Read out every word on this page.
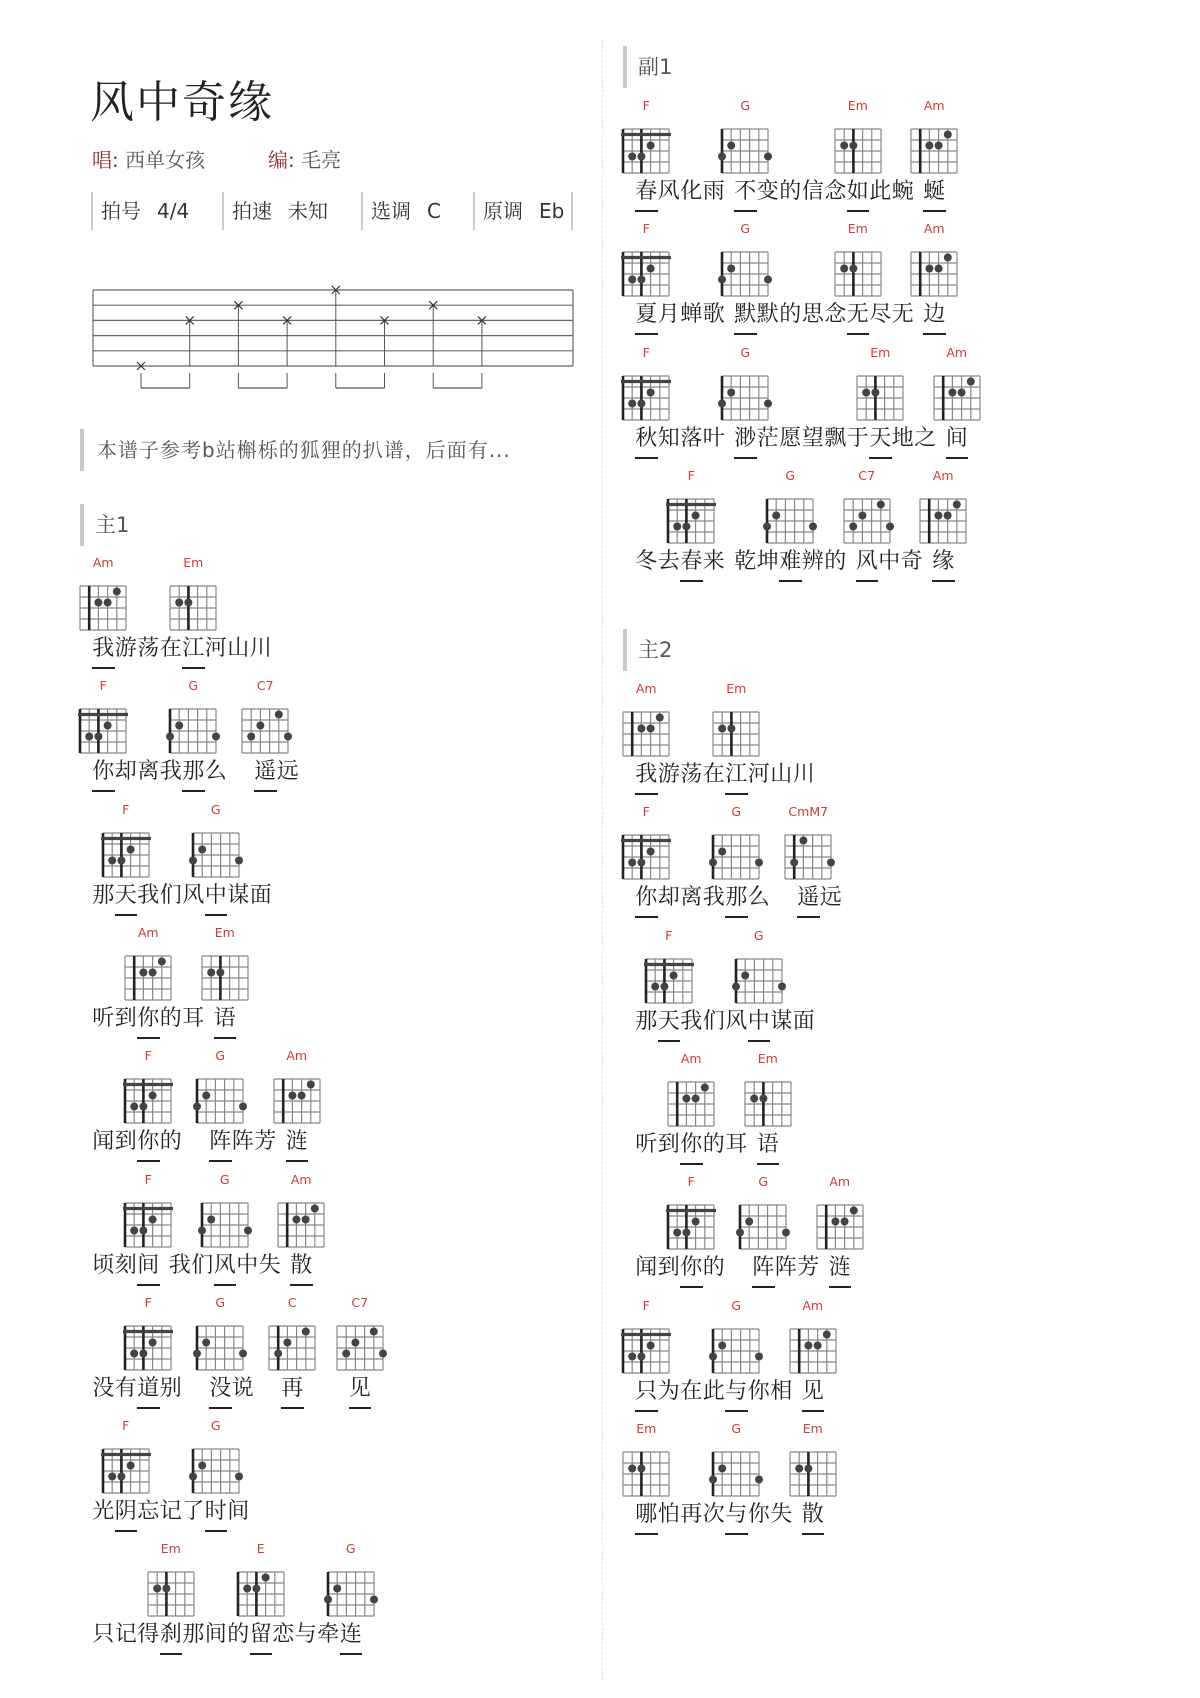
风中奇缘
唱: 西单女孩	编: 毛亮
拍号 4/4	拍速 未知	选调 C	原调 Eb
本谱子参考b站槲栎的狐狸的扒谱，后面有...
主1
我 游 荡 在 江 河 山 川
Am	Em
你 却 离 我 那 么 遥 远
F	G	C7
那 天 我 们 风 中 谋 面
F	G
听 到 你 的 耳 语
Am	Em
闻 到 你 的 阵 阵 芳 涟
F	G	Am
顷 刻 间 我 们 风 中 失 散
F	G	Am
没 有 道 别 没 说 再 见
F	G	C	C7
光 阴 忘 记 了 时 间
F	G
只 记 得 刹 那 间 的 留 恋 与 牵 连
Em	E	G
副1
春 风 化 雨 不 变 的 信 念 如 此 蜿 蜒
F	G	Em	Am
夏 月 蝉 歌 默 默 的 思 念 无 尽 无 边
F	G	Em	Am
秋 知 落 叶 渺 茫 愿 望 飘 于 天 地 之 间
F	G	Em	Am
冬 去 春 来 乾 坤 难 辨 的 风 中 奇 缘
F	G	C7	Am
主2
我 游 荡 在 江 河 山 川
Am	Em
你 却 离 我 那 么 遥 远
F	G	CmM7
那 天 我 们 风 中 谋 面
F	G
听 到 你 的 耳 语
Am	Em
闻 到 你 的 阵 阵 芳 涟
F	G	Am
只 为 在 此 与 你 相 见
F	G	Am
哪 怕 再 次 与 你 失 散
Em	G	Em
